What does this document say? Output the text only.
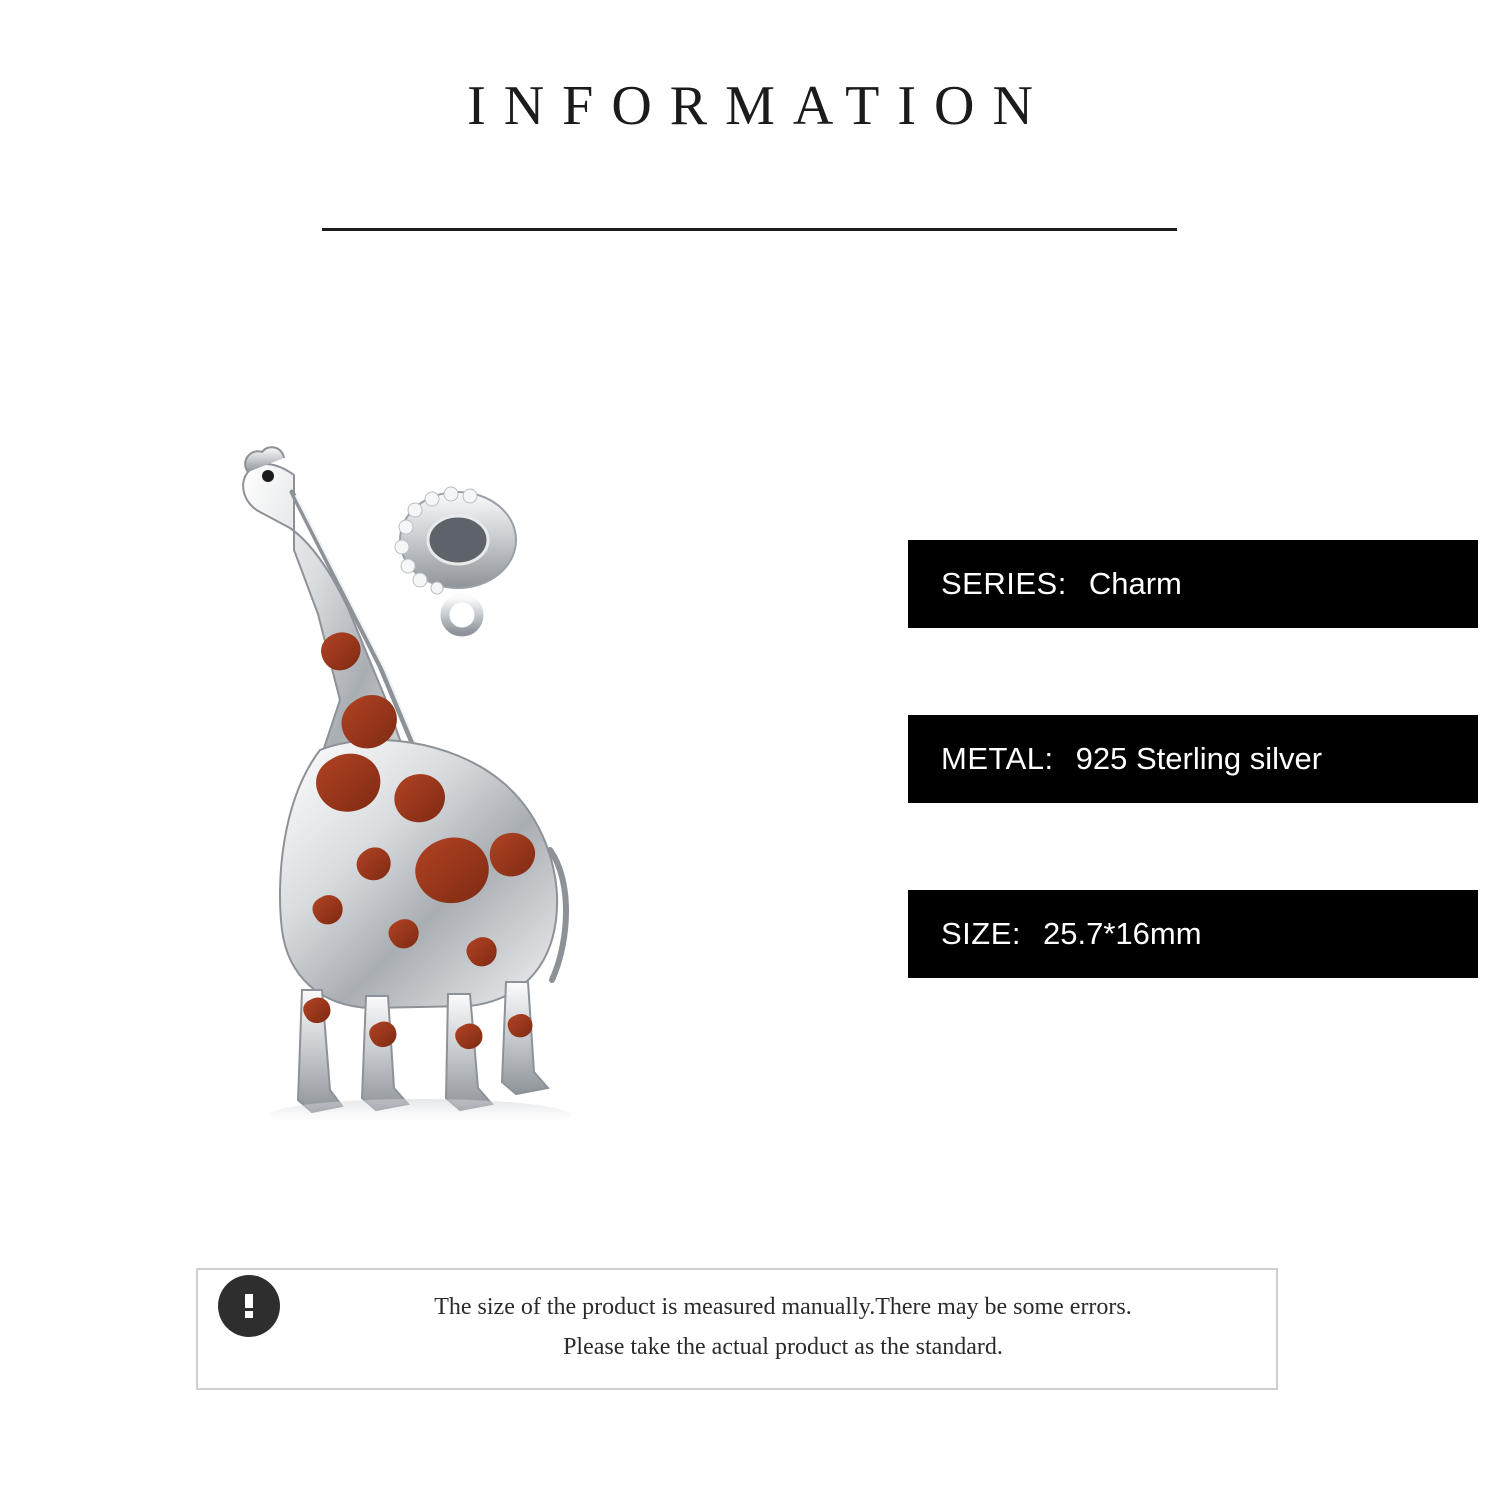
INFORMATION
SERIES: Charm
METAL: 925 Sterling silver
SIZE: 25.7*16mm
The size of the product is measured manually.There may be some errors.
Please take the actual product as the standard.
